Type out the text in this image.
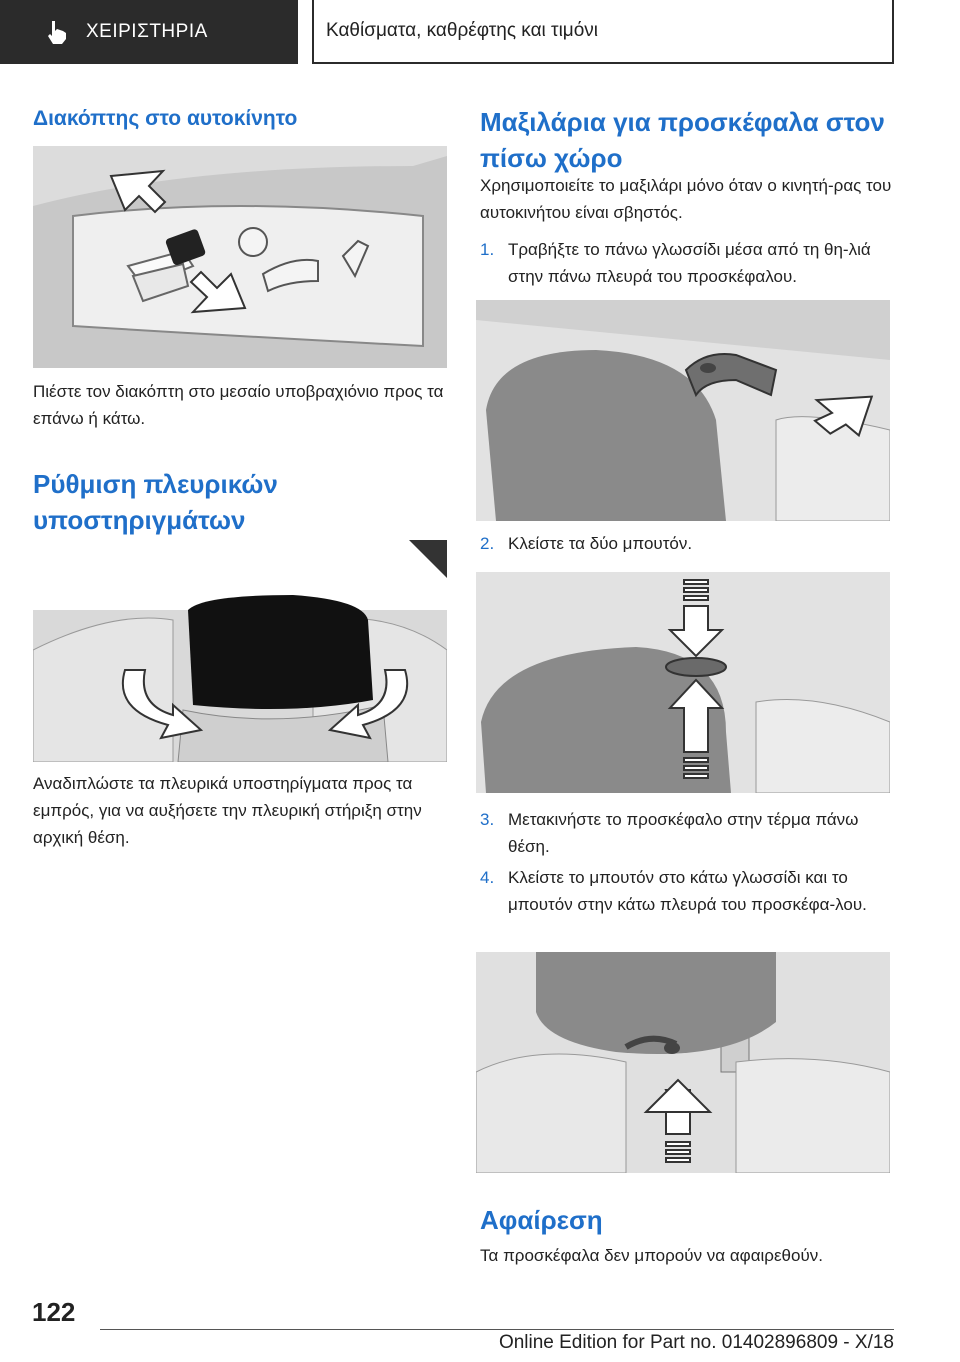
ΧΕΙΡΙΣΤΗΡΙΑ	Καθίσματα, καθρέφτης και τιμόνι
Διακόπτης στο αυτοκίνητο

Πιέστε τον διακόπτη στο μεσαίο υποβραχιόνιο προς τα επάνω ή κάτω.

Ρύθμιση πλευρικών υποστηριγμάτων

Αναδιπλώστε τα πλευρικά υποστηρίγματα προς τα εμπρός, για να αυξήσετε την πλευρική στήριξη στην αρχική θέση.

Μαξιλάρια για προσκέφαλα στον πίσω χώρο

Χρησιμοποιείτε το μαξιλάρι μόνο όταν ο κινητή-ρας του αυτοκινήτου είναι σβηστός.

1. Τραβήξτε το πάνω γλωσσίδι μέσα από τη θη-λιά στην πάνω πλευρά του προσκέφαλου.
2. Κλείστε τα δύο μπουτόν.
3. Μετακινήστε το προσκέφαλο στην τέρμα πάνω θέση.
4. Κλείστε το μπουτόν στο κάτω γλωσσίδι και το μπουτόν στην κάτω πλευρά του προσκέφα-λου.
Αφαίρεση

Τα προσκέφαλα δεν μπορούν να αφαιρεθούν.

122
Online Edition for Part no. 01402896809 - X/18
